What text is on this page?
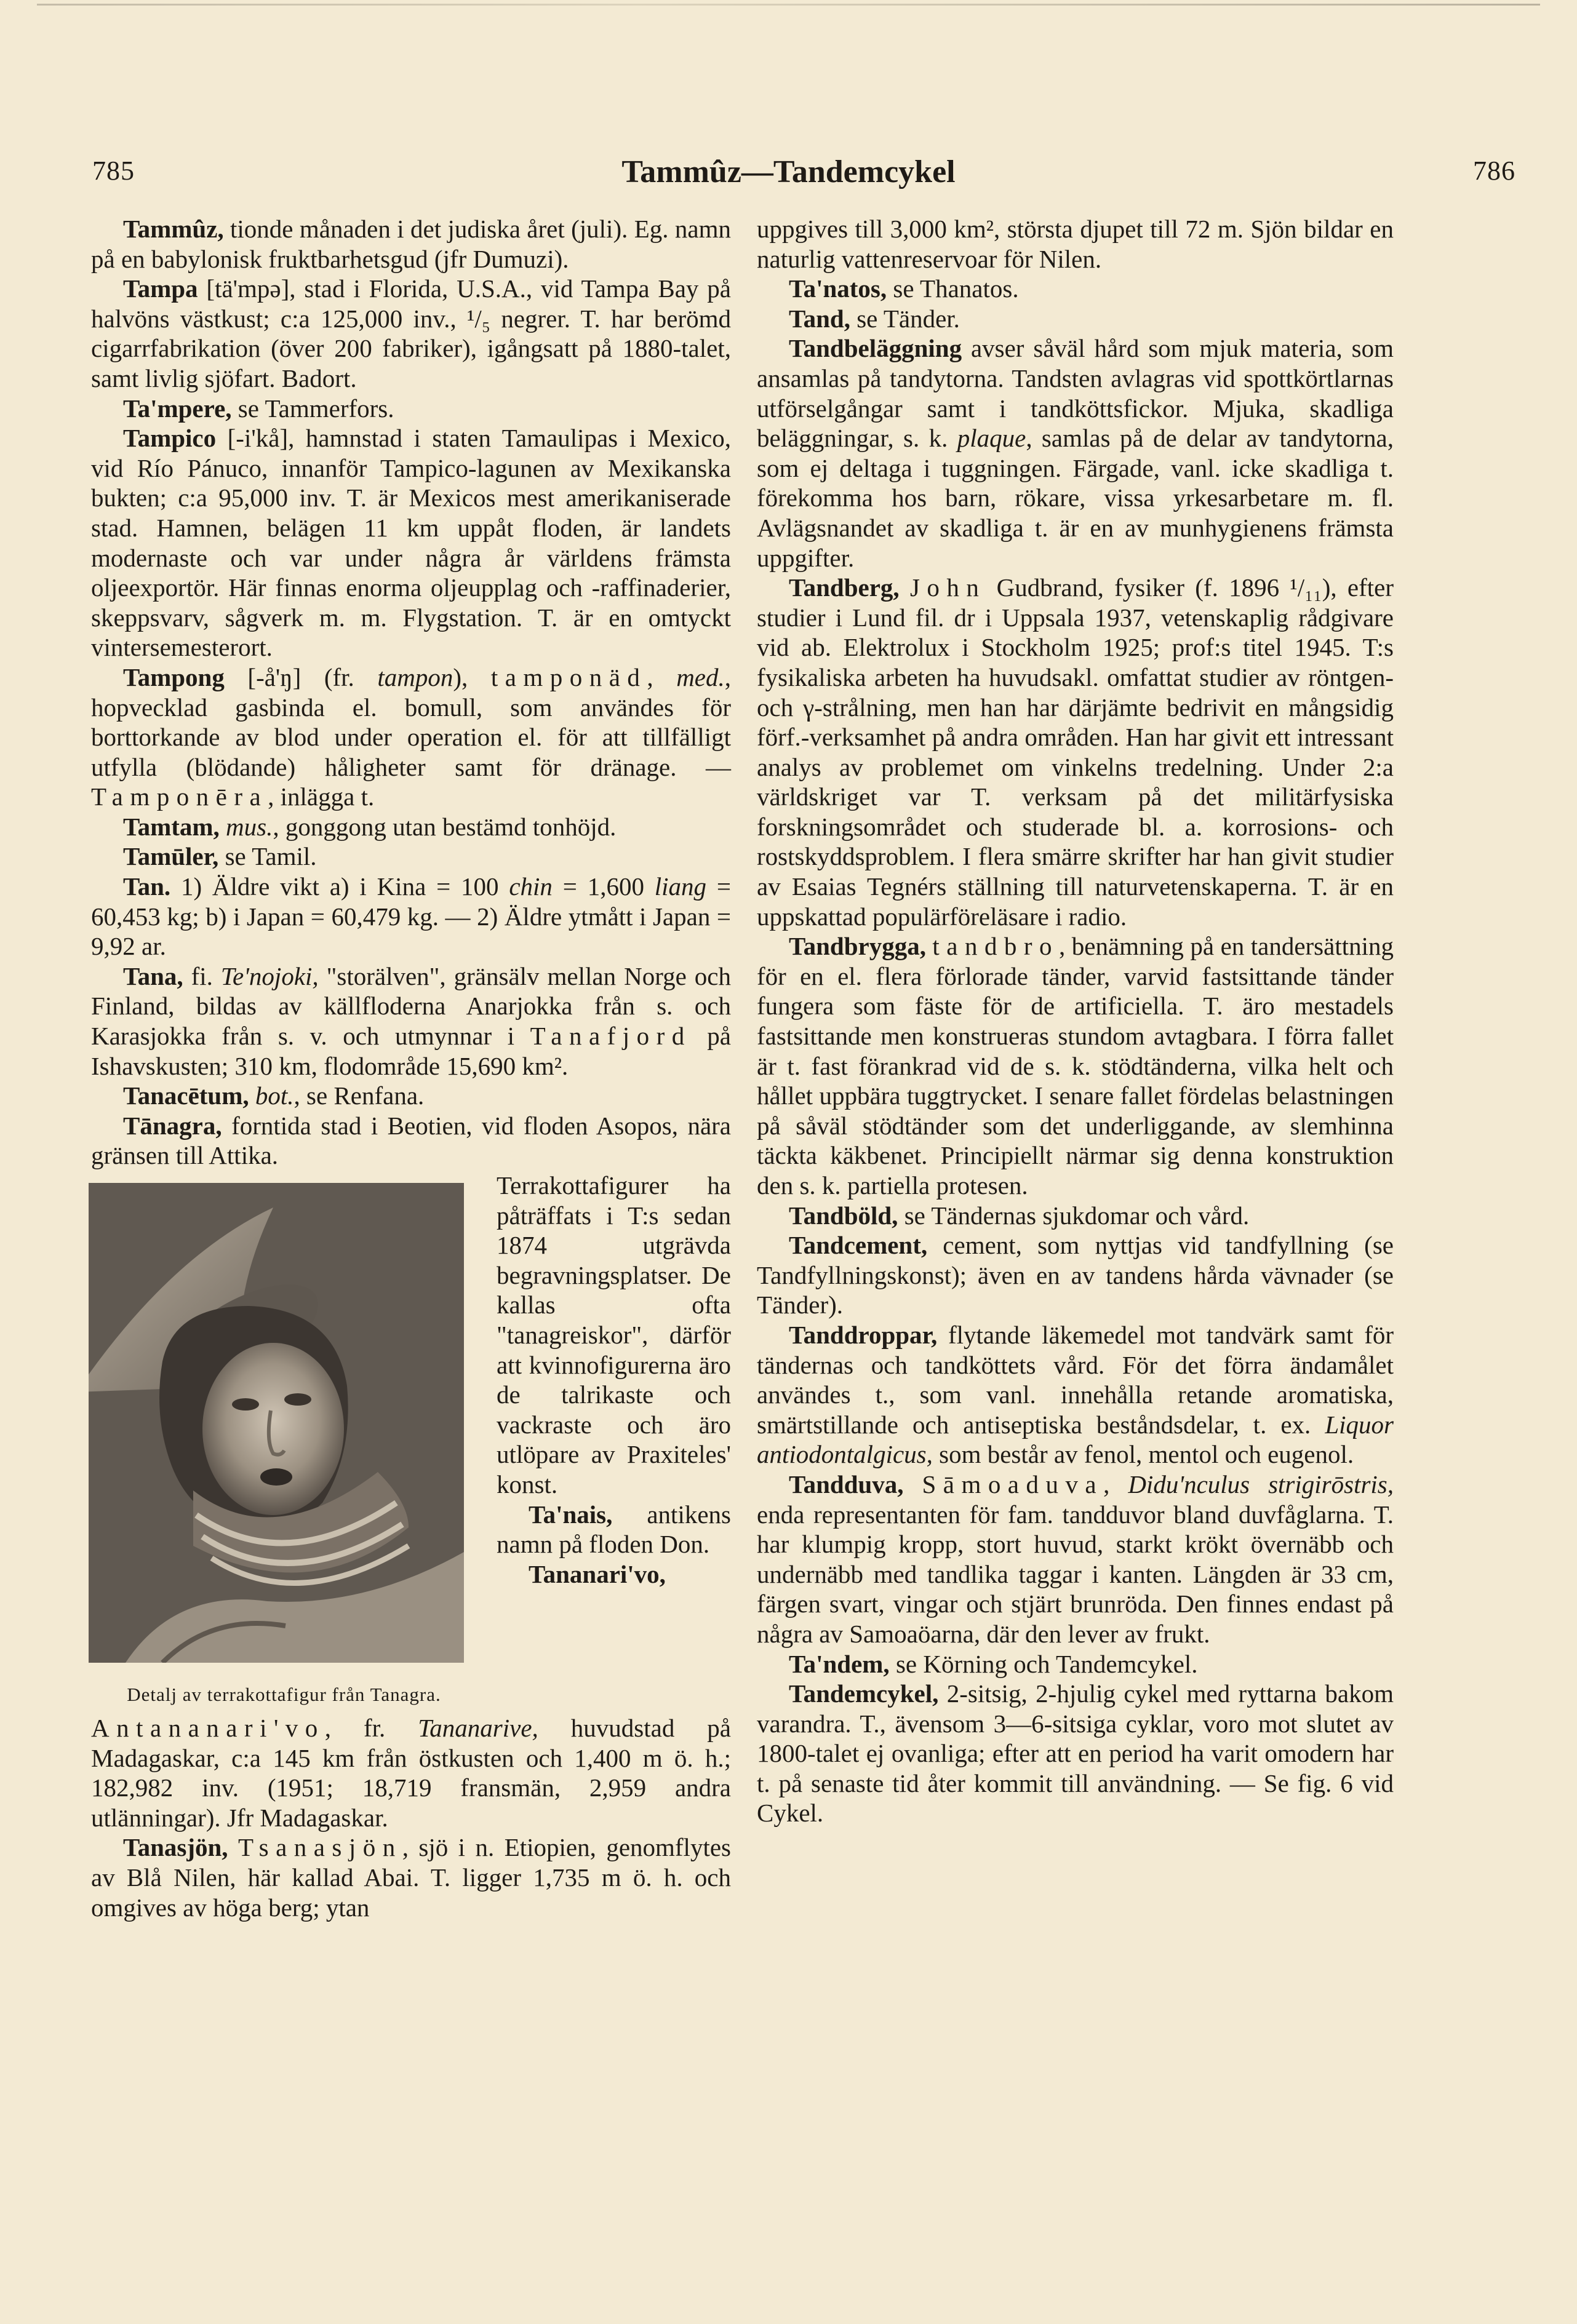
785	Tammûz—Tandemcykel	786

Tammûz, tionde månaden i det judiska året (juli). Eg. namn på en babylonisk fruktbarhetsgud (jfr Dumuzi).

Tampa [tä'mpə], stad i Florida, U.S.A., vid Tampa Bay på halvöns västkust; c:a 125,000 inv., ¹/₅ negrer. T. har berömd cigarrfabrikation (över 200 fabriker), igångsatt på 1880-talet, samt livlig sjöfart. Badort.

Ta'mpere, se Tammerfors.

Tampico [-i'kå], hamnstad i staten Tamaulipas i Mexico, vid Río Pánuco, innanför Tampico-lagunen av Mexikanska bukten; c:a 95,000 inv. T. är Mexicos mest amerikaniserade stad. Hamnen, belägen 11 km uppåt floden, är landets modernaste och var under några år världens främsta oljeexportör. Här finnas enorma oljeupplag och -raffinaderier, skeppsvarv, sågverk m. m. Flygstation. T. är en omtyckt vintersemesterort.

Tampong [-å'ŋ] (fr. tampon), tamponäd, med., hopvecklad gasbinda el. bomull, som användes för borttorkande av blod under operation el. för att tillfälligt utfylla (blödande) håligheter samt för dränage. — Tamponēra, inlägga t.

Tamtam, mus., gonggong utan bestämd tonhöjd.

Tamūler, se Tamil.

Tan. 1) Äldre vikt a) i Kina = 100 chin = 1,600 liang = 60,453 kg; b) i Japan = 60,479 kg. — 2) Äldre ytmått i Japan = 9,92 ar.

Tana, fi. Te'nojoki, "storälven", gränsälv mellan Norge och Finland, bildas av källfloderna Anarjokka från s. och Karasjokka från s. v. och utmynnar i Tanafjord på Ishavskusten; 310 km, flodområde 15,690 km².

Tanacētum, bot., se Renfana.

Tānagra, forntida stad i Beotien, vid floden Asopos, nära gränsen till Attika.

Detalj av terrakottafigur från Tanagra.
Terrakottafigurer ha påträffats i T:s sedan 1874 utgrävda begravningsplatser. De kallas ofta "tanagreiskor", därför att kvinnofigurerna äro de talrikaste och vackraste och äro utlöpare av Praxiteles' konst.

Ta'nais, antikens namn på floden Don.

Tananari'vo, Antananari'vo, fr. Tananarive, huvudstad på Madagaskar, c:a 145 km från östkusten och 1,400 m ö. h.; 182,982 inv. (1951; 18,719 fransmän, 2,959 andra utlänningar). Jfr Madagaskar.

Tanasjön, Tsanasjön, sjö i n. Etiopien, genomflytes av Blå Nilen, här kallad Abai. T. ligger 1,735 m ö. h. och omgives av höga berg; ytan

uppgives till 3,000 km², största djupet till 72 m. Sjön bildar en naturlig vattenreservoar för Nilen.

Ta'natos, se Thanatos.

Tand, se Tänder.

Tandbeläggning avser såväl hård som mjuk materia, som ansamlas på tandytorna. Tandsten avlagras vid spottkörtlarnas utförselgångar samt i tandköttsfickor. Mjuka, skadliga beläggningar, s. k. plaque, samlas på de delar av tandytorna, som ej deltaga i tuggningen. Färgade, vanl. icke skadliga t. förekomma hos barn, rökare, vissa yrkesarbetare m. fl. Avlägsnandet av skadliga t. är en av munhygienens främsta uppgifter.

Tandberg, John Gudbrand, fysiker (f. 1896 ¹/₁₁), efter studier i Lund fil. dr i Uppsala 1937, vetenskaplig rådgivare vid ab. Elektrolux i Stockholm 1925; prof:s titel 1945. T:s fysikaliska arbeten ha huvudsakl. omfattat studier av röntgen- och γ-strålning, men han har därjämte bedrivit en mångsidig förf.-verksamhet på andra områden. Han har givit ett intressant analys av problemet om vinkelns tredelning. Under 2:a världskriget var T. verksam på det militärfysiska forskningsområdet och studerade bl. a. korrosions- och rostskyddsproblem. I flera smärre skrifter har han givit studier av Esaias Tegnérs ställning till naturvetenskaperna. T. är en uppskattad populärföreläsare i radio.

Tandbrygga, tandbro, benämning på en tandersättning för en el. flera förlorade tänder, varvid fastsittande tänder fungera som fäste för de artificiella. T. äro mestadels fastsittande men konstrueras stundom avtagbara. I förra fallet är t. fast förankrad vid de s. k. stödtänderna, vilka helt och hållet uppbära tuggtrycket. I senare fallet fördelas belastningen på såväl stödtänder som det underliggande, av slemhinna täckta käkbenet. Principiellt närmar sig denna konstruktion den s. k. partiella protesen.

Tandböld, se Tändernas sjukdomar och vård.

Tandcement, cement, som nyttjas vid tandfyllning (se Tandfyllningskonst); även en av tandens hårda vävnader (se Tänder).

Tanddroppar, flytande läkemedel mot tandvärk samt för tändernas och tandköttets vård. För det förra ändamålet användes t., som vanl. innehålla retande aromatiska, smärtstillande och antiseptiska beståndsdelar, t. ex. Liquor antiodontalgicus, som består av fenol, mentol och eugenol.

Tandduva, Sāmoaduva, Didu'nculus strigirōstris, enda representanten för fam. tandduvor bland duvfåglarna. T. har klumpig kropp, stort huvud, starkt krökt övernäbb och undernäbb med tandlika taggar i kanten. Längden är 33 cm, färgen svart, vingar och stjärt brunröda. Den finnes endast på några av Samoaöarna, där den lever av frukt.

Ta'ndem, se Körning och Tandemcykel.

Tandemcykel, 2-sitsig, 2-hjulig cykel med ryttarna bakom varandra. T., ävensom 3—6-sitsiga cyklar, voro mot slutet av 1800-talet ej ovanliga; efter att en period ha varit omodern har t. på senaste tid åter kommit till användning. — Se fig. 6 vid Cykel.
